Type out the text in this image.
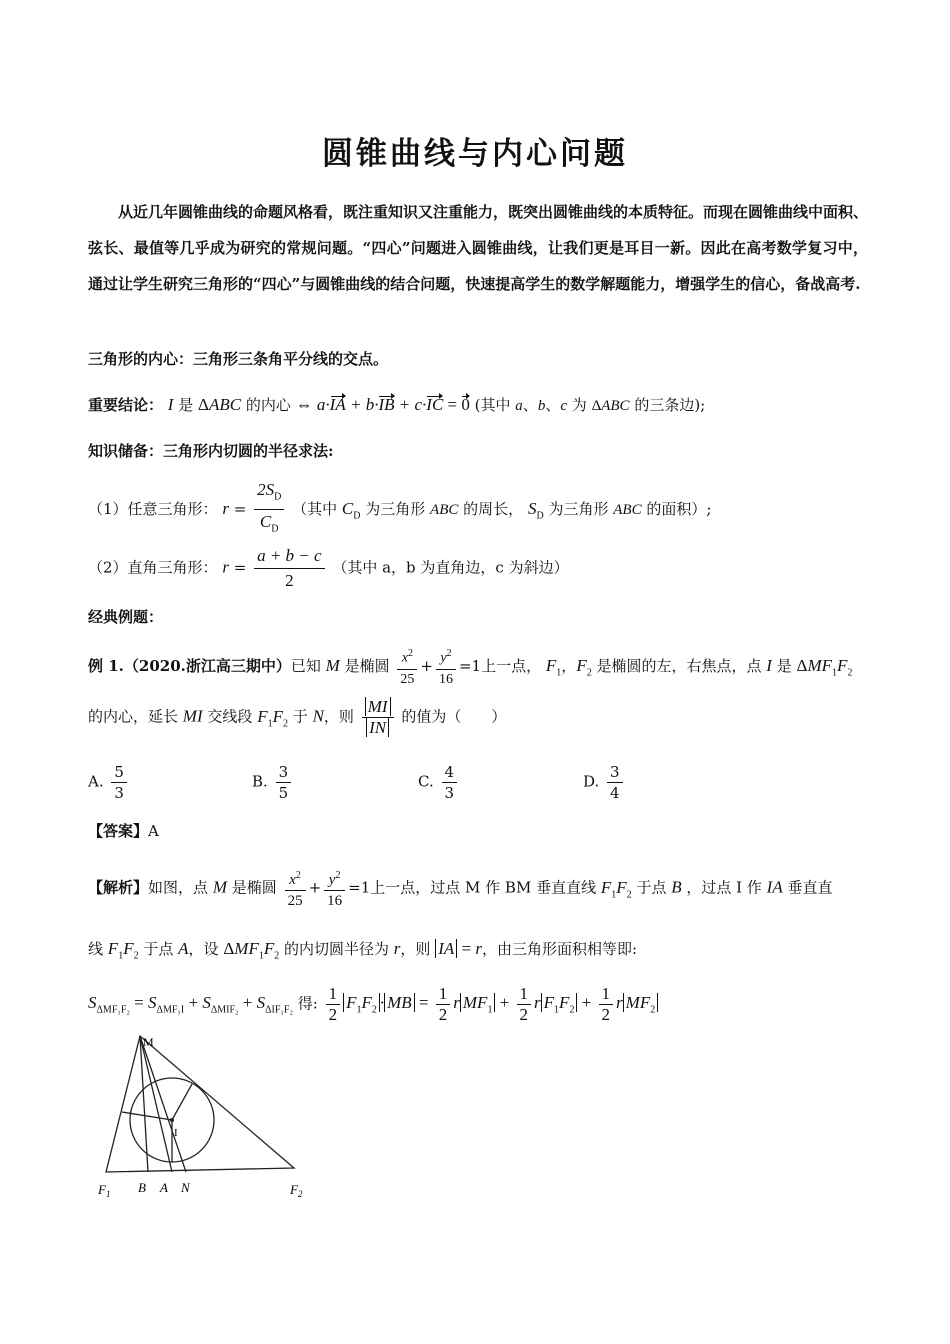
圆锥曲线与内心问题
从近几年圆锥曲线的命题风格看，既注重知识又注重能力，既突出圆锥曲线的本质特征。而现在圆锥曲线中面积、弦长、最值等几乎成为研究的常规问题。“四心”问题进入圆锥曲线，让我们更是耳目一新。因此在高考数学复习中，通过让学生研究三角形的“四心”与圆锥曲线的结合问题，快速提高学生的数学解题能力，增强学生的信心，备战高考.
三角形的内心：三角形三条角平分线的交点。
重要结论： I 是 ΔABC 的内心 ⇔ a·IA + b·IB + c·IC = 0 (其中 a、b、c 为 ΔABC 的三条边);
知识储备：三角形内切圆的半径求法:
（1）任意三角形： $r = \frac{2S_D}{C_D}$ （其中 $C_D$ 为三角形 ABC 的周长， $S_D$ 为三角形 ABC 的面积）;
（2）直角三角形： $r = \frac{a + b - c}{2}$ （其中 a，b 为直角边，c 为斜边）
经典例题：
例 1.（2020.浙江高三期中）已知 M 是椭圆 $\frac{x^2}{25} + \frac{y^2}{16} =1$上一点， $F_1$，$F_2$ 是椭圆的左，右焦点，点 I 是 $\Delta MF_1F_2$
的内心，延长 MI 交线段 $F_1F_2$ 于 N，则 $\frac{MI}{IN}$ 的值为（　　）
A. $\frac{5}{3}$	B. $\frac{3}{5}$	C. $\frac{4}{3}$	D. $\frac{3}{4}$
【答案】A
【解析】如图，点 M 是椭圆 $\frac{x^2}{25} + \frac{y^2}{16} =1$上一点，过点 M 作 BM 垂直直线 $F_1F_2$ 于点 B ，过点 I 作 IA 垂直直
线 $F_1F_2$ 于点 A，设 $\Delta MF_1F_2$ 的内切圆半径为 r，则 IA = r，由三角形面积相等即:
$S_{\Delta MF_1F_2} = S_{\Delta MF_1I} + S_{\Delta MIF_2} + S_{\Delta IF_1F_2}$ 得: $\frac{1}{2} F_1F_2$ · MB = $\frac{1}{2}$ r $MF_1 + \frac{1}{2}$ r $F_1F_2 + \frac{1}{2}$ r $MF_2$
M
I
$F_1$ B A N	$F_2$
